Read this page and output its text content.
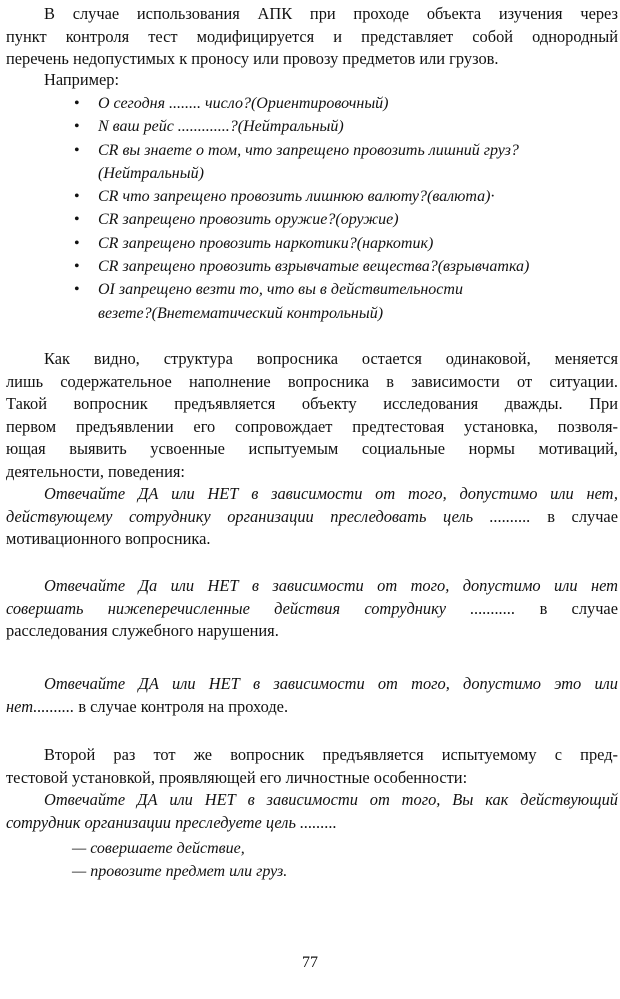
В случае использования АПК при проходе объекта изучения через
пункт контроля тест модифицируется и представляет собой однородный
перечень недопустимых к проносу или провозу предметов или грузов.

Например:
• О сегодня ........ число?(Ориентировочный)
• N ваш рейс .............?(Нейтральный)
• CR вы знаете о том, что запрещено провозить лишний груз?(Нейтральный)
• CR что запрещено провозить лишнюю валюту?(валюта)·
• CR запрещено провозить оружие?(оружие)
• CR запрещено провозить наркотики?(наркотик)
• CR запрещено провозить взрывчатые вещества?(взрывчатка)
• OI запрещено везти то, что вы в действительности везете?(Внетематический контрольный)

Как видно, структура вопросника остается одинаковой, меняется
лишь содержательное наполнение вопросника в зависимости от ситуации.
Такой вопросник предъявляется объекту исследования дважды. При
первом предъявлении его сопровождает предтестовая установка, позволя-
ющая выявить усвоенные испытуемым социальные нормы мотиваций,
деятельности, поведения:
Отвечайте ДА или НЕТ в зависимости от того, допустимо или нет,
действующему сотруднику организации преследовать цель .......... в случае
мотивационного вопросника.

Отвечайте Да или НЕТ в зависимости от того, допустимо или нет
совершать нижеперечисленные действия сотруднику ........... в случае
расследования служебного нарушения.

Отвечайте ДА или НЕТ в зависимости от того, допустимо это или
нет.......... в случае контроля на проходе.

Второй раз тот же вопросник предъявляется испытуемому с пред-
тестовой установкой, проявляющей его личностные особенности:
Отвечайте ДА или НЕТ в зависимости от того, Вы как действующий
сотрудник организации преследуете цель .........

— совершаете действие,
— провозите предмет или груз.
77
